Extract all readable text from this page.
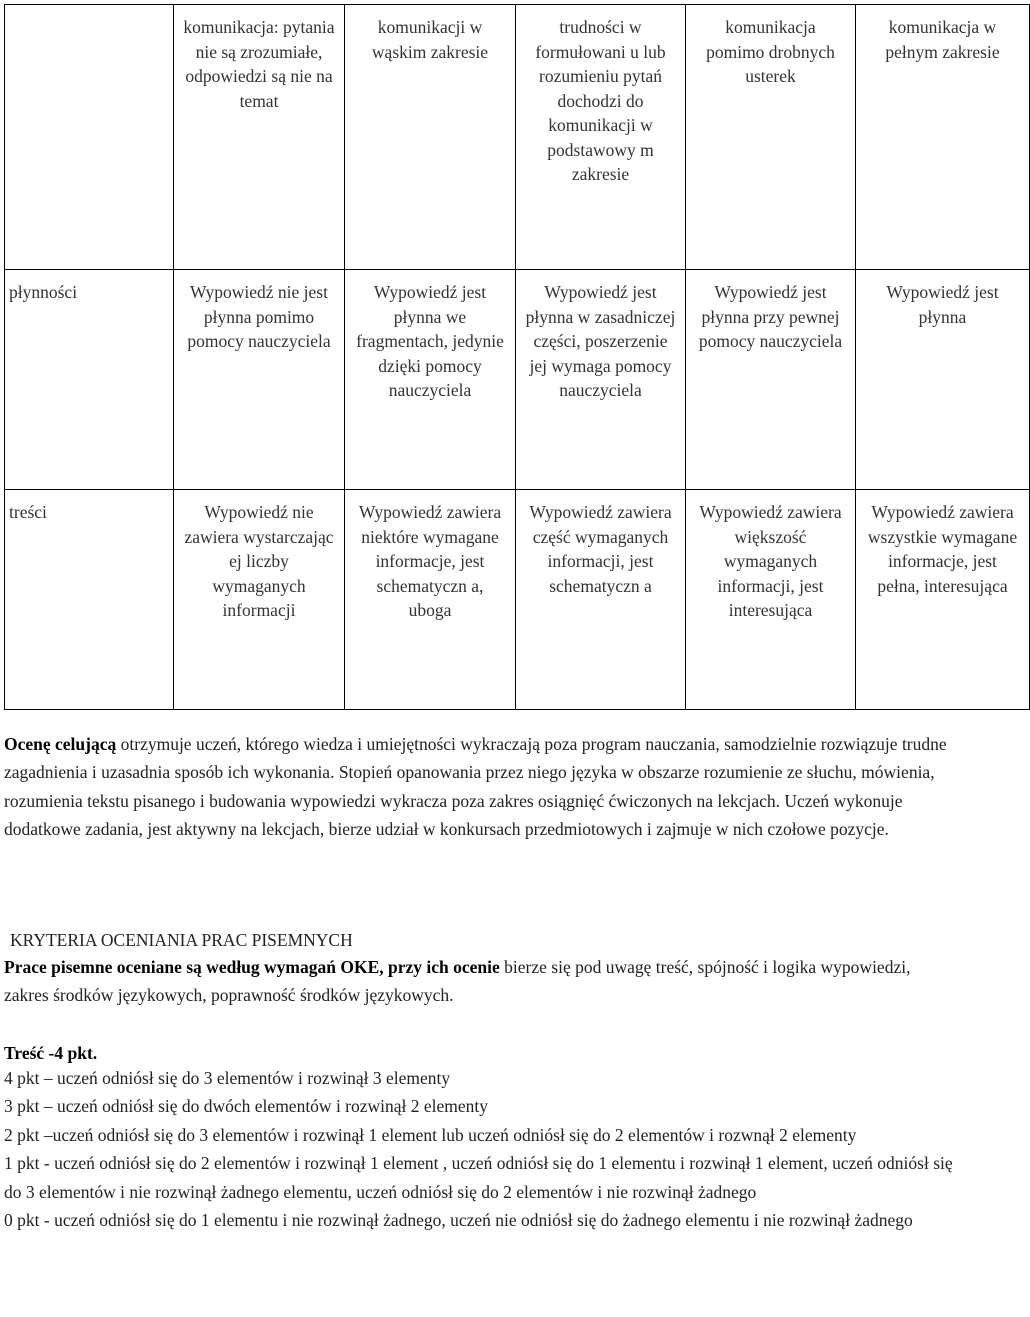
	komunikacja: pytania nie są zrozumiałe, odpowiedzi są nie na temat	komunikacji w wąskim zakresie	trudności w formułowani u lub rozumieniu pytań dochodzi do komunikacji w podstawowy m zakresie	komunikacja pomimo drobnych usterek	komunikacja w pełnym zakresie

płynności	Wypowiedź nie jest płynna pomimo pomocy nauczyciela	Wypowiedź jest płynna we fragmentach, jedynie dzięki pomocy nauczyciela	Wypowiedź jest płynna w zasadniczej części, poszerzenie jej wymaga pomocy nauczyciela	Wypowiedź jest płynna przy pewnej pomocy nauczyciela	Wypowiedź jest płynna

treści	Wypowiedź nie zawiera wystarczając ej liczby wymaganych informacji	Wypowiedź zawiera niektóre wymagane informacje, jest schematyczn a, uboga	Wypowiedź zawiera część wymaganych informacji, jest schematyczn a	Wypowiedź zawiera większość wymaganych informacji, jest interesująca	Wypowiedź zawiera wszystkie wymagane informacje, jest pełna, interesująca
Ocenę celującą otrzymuje uczeń, którego wiedza i umiejętności wykraczają poza program nauczania, samodzielnie rozwiązuje trudne zagadnienia i uzasadnia sposób ich wykonania. Stopień opanowania przez niego języka w obszarze rozumienie ze słuchu, mówienia, rozumienia tekstu pisanego i budowania wypowiedzi wykracza poza zakres osiągnięć ćwiczonych na lekcjach. Uczeń wykonuje dodatkowe zadania, jest aktywny na lekcjach, bierze udział w konkursach przedmiotowych i zajmuje w nich czołowe pozycje.
KRYTERIA OCENIANIA PRAC PISEMNYCH
Prace pisemne oceniane są według wymagań OKE, przy ich ocenie bierze się pod uwagę treść, spójność i logika wypowiedzi, zakres środków językowych, poprawność środków językowych.
Treść -4 pkt.
4 pkt – uczeń odniósł się do 3 elementów i rozwinął 3 elementy
3 pkt – uczeń odniósł się do dwóch elementów i rozwinął 2 elementy
2 pkt –uczeń odniósł się do 3 elementów i rozwinął 1 element lub uczeń odniósł się do 2 elementów i rozwnął 2 elementy
1 pkt - uczeń odniósł się do 2 elementów i rozwinął 1 element , uczeń odniósł się do 1 elementu i rozwinął 1 element, uczeń odniósł się do 3 elementów i nie rozwinął żadnego elementu, uczeń odniósł się do 2 elementów i nie rozwinął żadnego
0 pkt - uczeń odniósł się do 1 elementu i nie rozwinął żadnego, uczeń nie odniósł się do żadnego elementu i nie rozwinął żadnego
